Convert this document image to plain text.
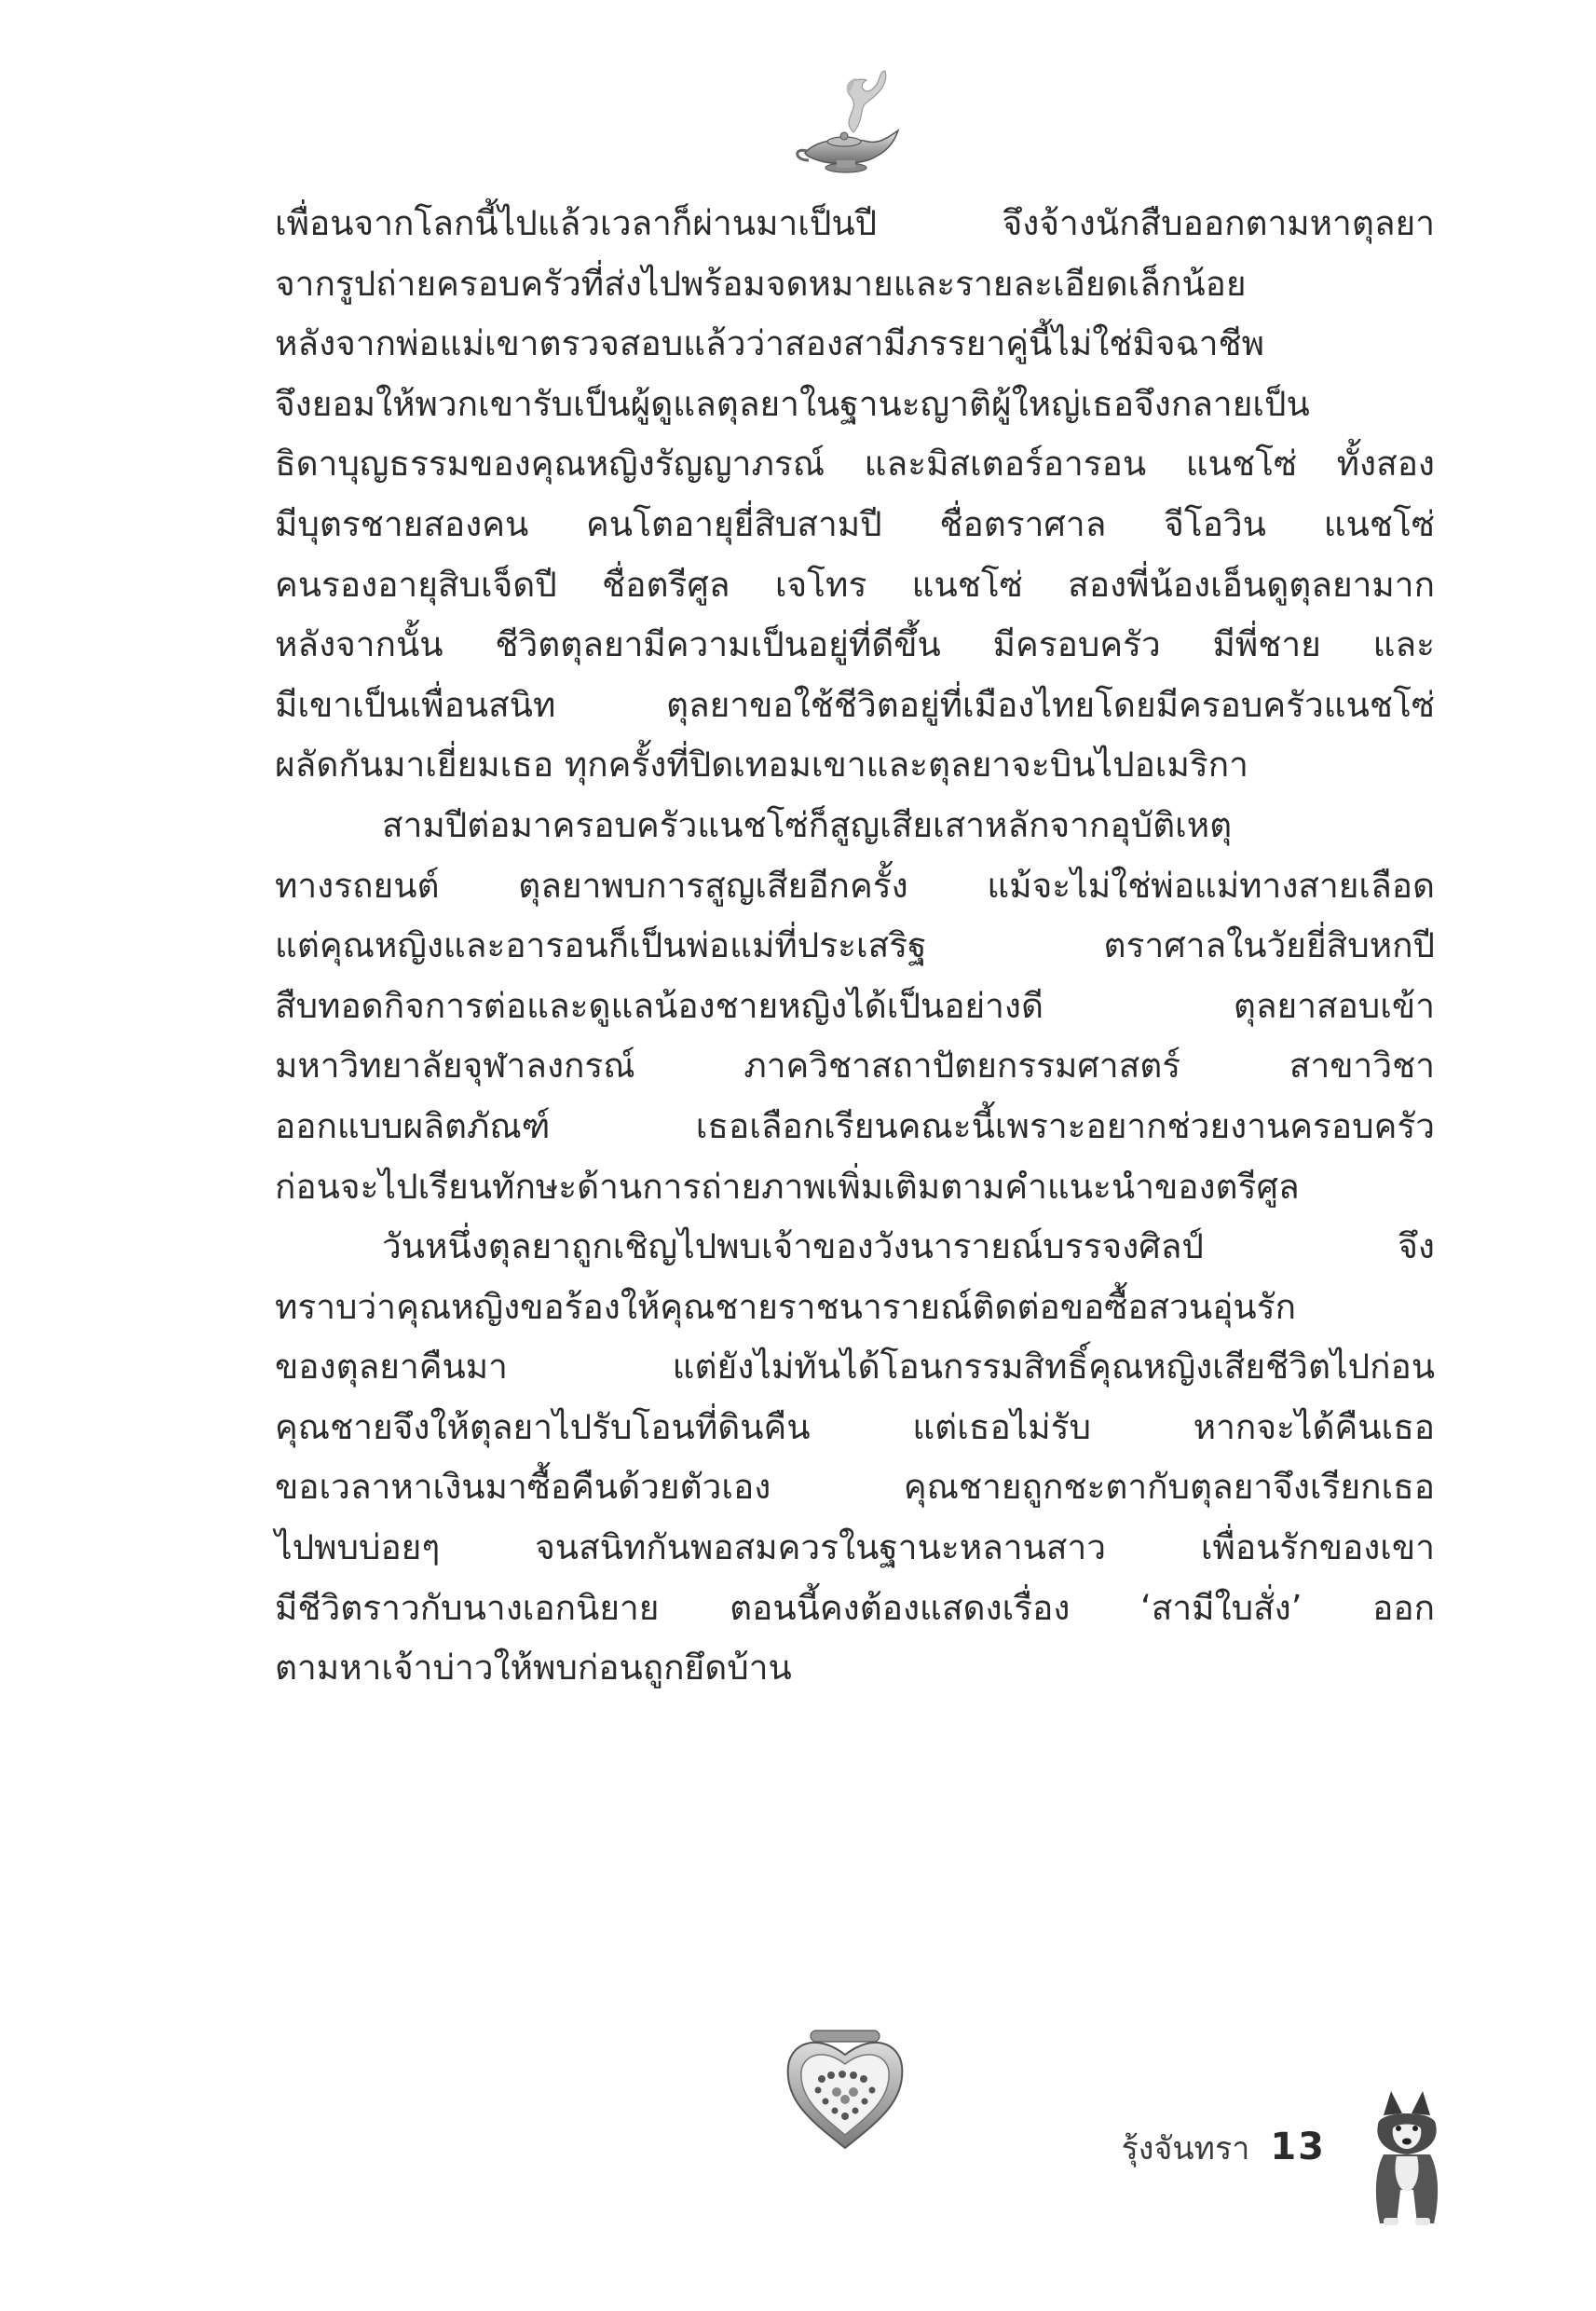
เพื่อนจากโลกนี้ไปแล้วเวลาก็ผ่านมาเป็นปี จึงจ้างนักสืบออกตามหาตุลยา
จากรูปถ่ายครอบครัวที่ส่งไปพร้อมจดหมายและรายละเอียดเล็กน้อย
หลังจากพ่อแม่เขาตรวจสอบแล้วว่าสองสามีภรรยาคู่นี้ไม่ใช่มิจฉาชีพ
จึงยอมให้พวกเขารับเป็นผู้ดูแลตุลยาในฐานะญาติผู้ใหญ่เธอจึงกลายเป็น
ธิดาบุญธรรมของคุณหญิงรัญญาภรณ์ และมิสเตอร์อารอน แนชโซ่ ทั้งสอง
มีบุตรชายสองคน คนโตอายุยี่สิบสามปี ชื่อตราศาล จีโอวิน แนชโซ่
คนรองอายุสิบเจ็ดปี ชื่อตรีศูล เจโทร แนชโซ่ สองพี่น้องเอ็นดูตุลยามาก
หลังจากนั้น ชีวิตตุลยามีความเป็นอยู่ที่ดีขึ้น มีครอบครัว มีพี่ชาย และ
มีเขาเป็นเพื่อนสนิท ตุลยาขอใช้ชีวิตอยู่ที่เมืองไทยโดยมีครอบครัวแนชโซ่
ผลัดกันมาเยี่ยมเธอ ทุกครั้งที่ปิดเทอมเขาและตุลยาจะบินไปอเมริกา
สามปีต่อมาครอบครัวแนชโซ่ก็สูญเสียเสาหลักจากอุบัติเหตุ
ทางรถยนต์ ตุลยาพบการสูญเสียอีกครั้ง แม้จะไม่ใช่พ่อแม่ทางสายเลือด
แต่คุณหญิงและอารอนก็เป็นพ่อแม่ที่ประเสริฐ ตราศาลในวัยยี่สิบหกปี
สืบทอดกิจการต่อและดูแลน้องชายหญิงได้เป็นอย่างดี ตุลยาสอบเข้า
มหาวิทยาลัยจุฬาลงกรณ์ ภาควิชาสถาปัตยกรรมศาสตร์ สาขาวิชา
ออกแบบผลิตภัณฑ์ เธอเลือกเรียนคณะนี้เพราะอยากช่วยงานครอบครัว
ก่อนจะไปเรียนทักษะด้านการถ่ายภาพเพิ่มเติมตามคำแนะนำของตรีศูล
วันหนึ่งตุลยาถูกเชิญไปพบเจ้าของวังนารายณ์บรรจงศิลป์ จึง
ทราบว่าคุณหญิงขอร้องให้คุณชายราชนารายณ์ติดต่อขอซื้อสวนอุ่นรัก
ของตุลยาคืนมา แต่ยังไม่ทันได้โอนกรรมสิทธิ์คุณหญิงเสียชีวิตไปก่อน
คุณชายจึงให้ตุลยาไปรับโอนที่ดินคืน แต่เธอไม่รับ หากจะได้คืนเธอ
ขอเวลาหาเงินมาซื้อคืนด้วยตัวเอง คุณชายถูกชะตากับตุลยาจึงเรียกเธอ
ไปพบบ่อยๆ จนสนิทกันพอสมควรในฐานะหลานสาว เพื่อนรักของเขา
มีชีวิตราวกับนางเอกนิยาย ตอนนี้คงต้องแสดงเรื่อง ‘สามีใบสั่ง’ ออก
ตามหาเจ้าบ่าวให้พบก่อนถูกยึดบ้าน
รุ้งจันทรา 13
